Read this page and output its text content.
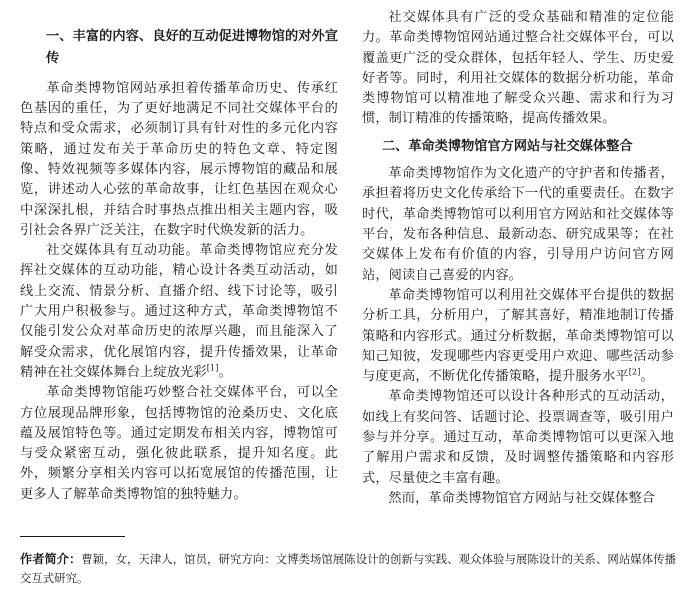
一、丰富的内容、良好的互动促进博物馆的对外宣传

革命类博物馆网站承担着传播革命历史、传承红色基因的重任，为了更好地满足不同社交媒体平台的特点和受众需求，必须制订具有针对性的多元化内容策略，通过发布关于革命历史的特色文章、特定图像、特效视频等多媒体内容，展示博物馆的藏品和展览，讲述动人心弦的革命故事，让红色基因在观众心中深深扎根，并结合时事热点推出相关主题内容，吸引社会各界广泛关注，在数字时代焕发新的活力。

社交媒体具有互动功能。革命类博物馆应充分发挥社交媒体的互动功能，精心设计各类互动活动，如线上交流、情景分析、直播介绍、线下讨论等，吸引广大用户积极参与。通过这种方式，革命类博物馆不仅能引发公众对革命历史的浓厚兴趣，而且能深入了解受众需求，优化展馆内容，提升传播效果，让革命精神在社交媒体舞台上绽放光彩[1]。

革命类博物馆能巧妙整合社交媒体平台，可以全方位展现品牌形象，包括博物馆的沧桑历史、文化底蕴及展馆特色等。通过定期发布相关内容，博物馆可与受众紧密互动，强化彼此联系，提升知名度。此外，频繁分享相关内容可以拓宽展馆的传播范围，让更多人了解革命类博物馆的独特魅力。

社交媒体具有广泛的受众基础和精准的定位能力。革命类博物馆网站通过整合社交媒体平台，可以覆盖更广泛的受众群体，包括年轻人、学生、历史爱好者等。同时，利用社交媒体的数据分析功能，革命类博物馆可以精准地了解受众兴趣、需求和行为习惯，制订精准的传播策略，提高传播效果。

二、革命类博物馆官方网站与社交媒体整合

革命类博物馆作为文化遗产的守护者和传播者，承担着将历史文化传承给下一代的重要责任。在数字时代，革命类博物馆可以利用官方网站和社交媒体等平台，发布各种信息、最新动态、研究成果等；在社交媒体上发布有价值的内容，引导用户访问官方网站，阅读自己喜爱的内容。

革命类博物馆可以利用社交媒体平台提供的数据分析工具，分析用户，了解其喜好，精准地制订传播策略和内容形式。通过分析数据，革命类博物馆可以知己知彼，发现哪些内容更受用户欢迎、哪些活动参与度更高，不断优化传播策略，提升服务水平[2]。

革命类博物馆还可以设计各种形式的互动活动，如线上有奖问答、话题讨论、投票调查等，吸引用户参与并分享。通过互动，革命类博物馆可以更深入地了解用户需求和反馈，及时调整传播策略和内容形式，尽量使之丰富有趣。

然而，革命类博物馆官方网站与社交媒体整合

作者简介：曹颖，女，天津人，馆员，研究方向：文博类场馆展陈设计的创新与实践、观众体验与展陈设计的关系、网站媒体传播交互式研究。
